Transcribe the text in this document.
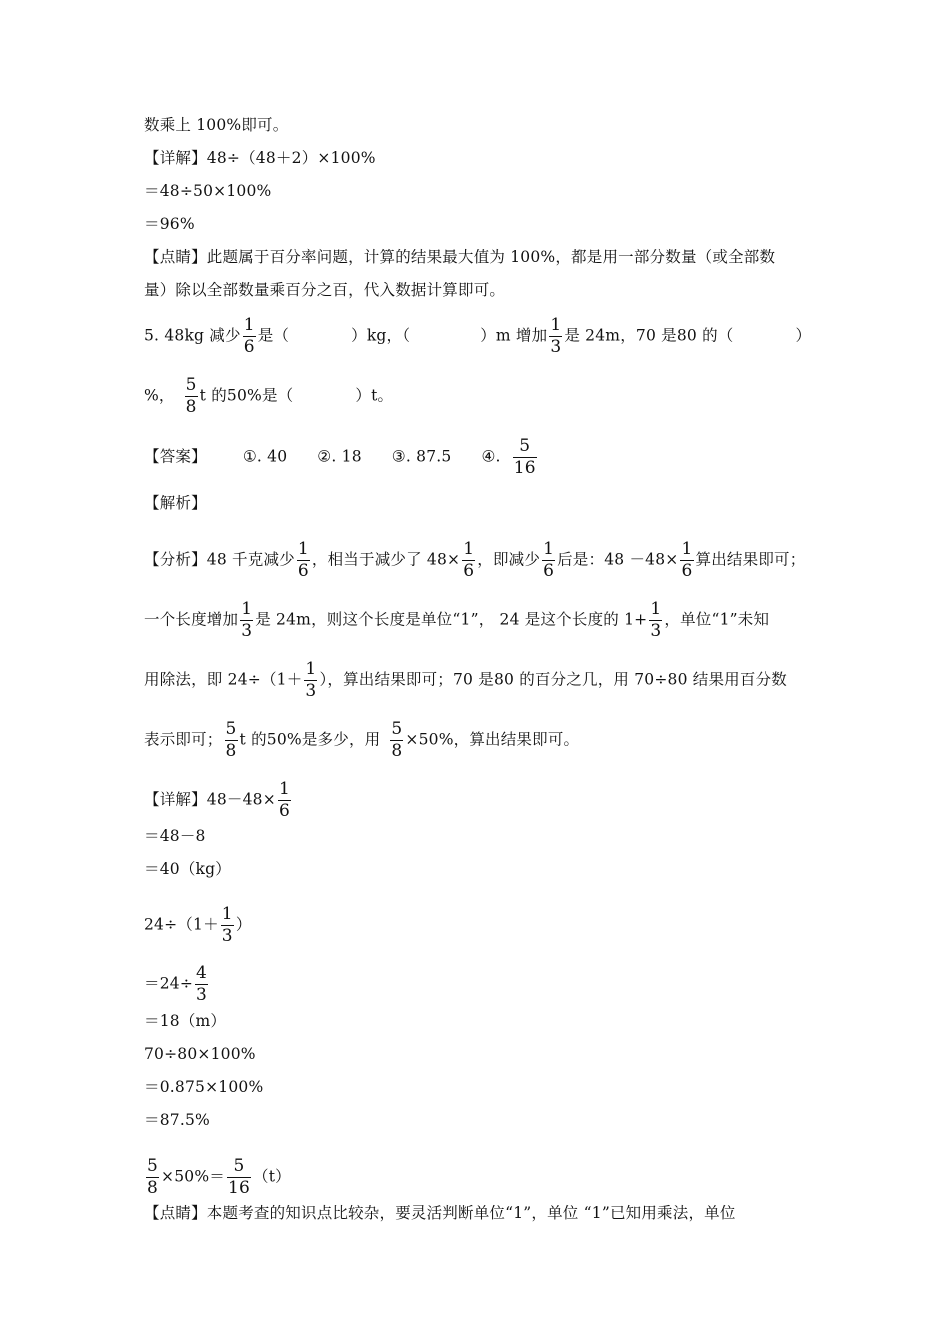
数乘上 100%即可。
【详解】48÷（48＋2）×100%
＝48÷50×100%
＝96%
【点睛】此题属于百分率问题，计算的结果最大值为 100%，都是用一部分数量（或全部数
量）除以全部数量乘百分之百，代入数据计算即可。
5. 48kg 减少 $\frac{1}{6}$ 是（	）kg，（	）m 增加 $\frac{1}{3}$ 是 24m，70 是80 的（	）
%， $\frac{5}{8}$ t 的50%是（	）t。
【答案】 ①. 40 ②. 18 ③. 87.5 ④. $\frac{5}{16}$
【解析】
【分析】48 千克减少 $\frac{1}{6}$ ，相当于减少了 $48\times \frac{1}{6}$ ，即减少 $\frac{1}{6}$ 后是：$48 -48\times \frac{1}{6}$ 算出结果即可；
一个长度增加 $\frac{1}{3}$ 是 24m，则这个长度是单位“1”， 24 是这个长度的 $1+ \frac{1}{3}$ ，单位“1”未知
用除法，即 $24\div(1+ \frac{1}{3}$ ），算出结果即可；70 是80 的百分之几，用 70÷80 结果用百分数
表示即可； $\frac{5}{8}$ t 的50%是多少，用 $\frac{5}{8} \times 50\%$，算出结果即可。
【详解】$48-48\times \frac{1}{6}$
＝48－8
＝40（kg）
$24\div(1+ \frac{1}{3}$ ）
$=24\div \frac{4}{3}$
＝18（m）
70÷80×100%
＝0.875×100%
＝87.5%
$\frac{5}{8} \times 50\%= \frac{5}{16} (t)$
【点睛】本题考查的知识点比较杂，要灵活判断单位“1”，单位 “1”已知用乘法，单位
